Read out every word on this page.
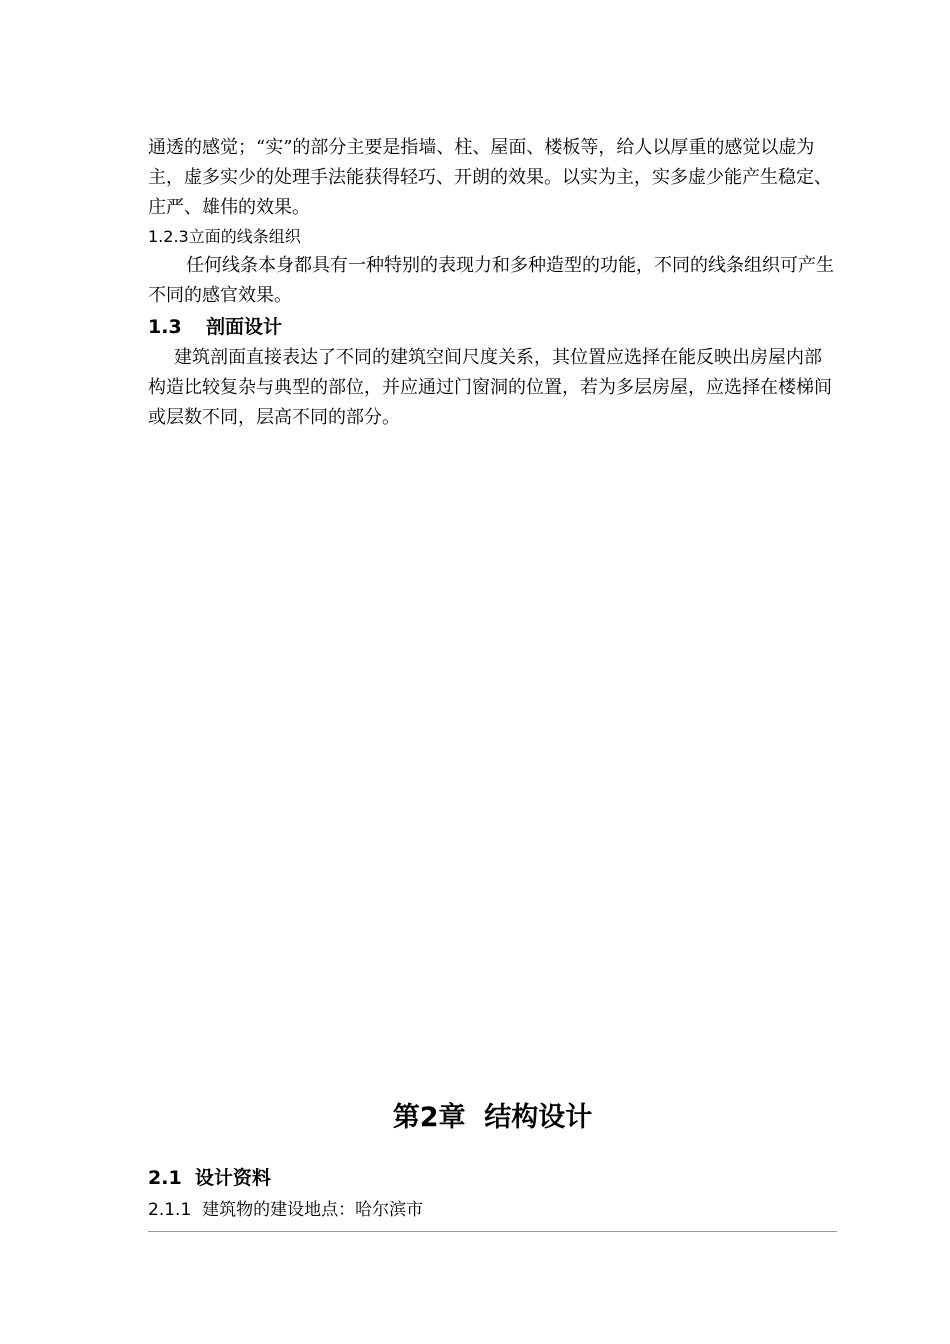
通透的感觉；“实”的部分主要是指墙、柱、屋面、楼板等，给人以厚重的感觉以虚为主，虚多实少的处理手法能获得轻巧、开朗的效果。以实为主，实多虚少能产生稳定、庄严、雄伟的效果。

1.2.3立面的线条组织

任何线条本身都具有一种特别的表现力和多种造型的功能，不同的线条组织可产生不同的感官效果。

1.3 剖面设计

建筑剖面直接表达了不同的建筑空间尺度关系，其位置应选择在能反映出房屋内部构造比较复杂与典型的部位，并应通过门窗洞的位置，若为多层房屋，应选择在楼梯间或层数不同，层高不同的部分。

第2章  结构设计

2.1  设计资料

2.1.1  建筑物的建设地点：哈尔滨市
